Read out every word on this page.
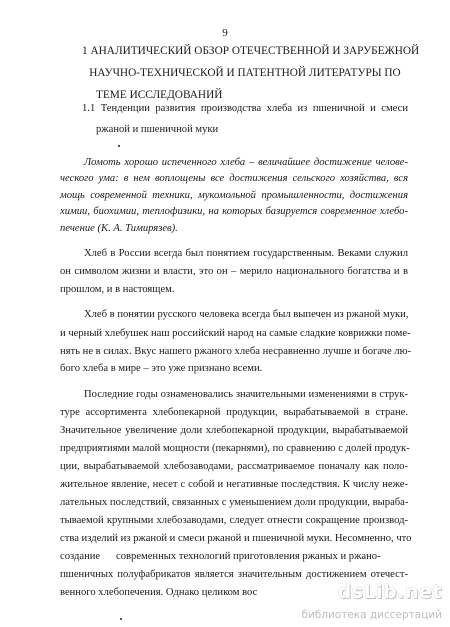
9
1 АНАЛИТИЧЕСКИЙ ОБЗОР ОТЕЧЕСТВЕННОЙ И ЗАРУБЕЖНОЙ
НАУЧНО-ТЕХНИЧЕСКОЙ И ПАТЕНТНОЙ ЛИТЕРАТУРЫ ПО
ТЕМЕ ИССЛЕДОВАНИЙ
1.1 Тенденции развития производства хлеба из пшеничной и смеси
ржаной и пшеничной муки
Ломоть хорошо испеченного хлеба – величайшее достижение челове-
ческого ума: в нем воплощены все достижения сельского хозяйства, вся
мощь современной техники, мукомольной промышленности, достижения
химии, биохимии, теплофизики, на которых базируется современное хлебо-
печение (К. А. Тимирязев).
Хлеб в России всегда был понятием государственным. Веками служил
он символом жизни и власти, это он – мерило национального богатства и в
прошлом, и в настоящем.
Хлеб в понятии русского человека всегда был выпечен из ржаной муки,
и черный хлебушек наш российский народ на самые сладкие коврижки поме-
нять не в силах. Вкус нашего ржаного хлеба несравненно лучше и богаче лю-
бого хлеба в мире – это уже признано всеми.
Последние годы ознаменовались значительными изменениями в струк-
туре ассортимента хлебопекарной продукции, вырабатываемой в стране.
Значительное увеличение доли хлебопекарной продукции, вырабатываемой
предприятиями малой мощности (пекарнями), по сравнению с долей продук-
ции, вырабатываемой хлебозаводами, рассматриваемое поначалу как поло-
жительное явление, несет с собой и негативные последствия. К числу неже-
лательных последствий, связанных с уменьшением доли продукции, выраба-
тываемой крупными хлебозаводами, следует отнести сокращение производ-
ства изделий из ржаной и смеси ржаной и пшеничной муки. Несомненно, что
создание      современных технологий приготовления ржаных и ржано-
пшеничных полуфабрикатов является значительным достижением отечест-
венного хлебопечения. Однако целиком вос	dsLib.net
библиотека диссертаций
